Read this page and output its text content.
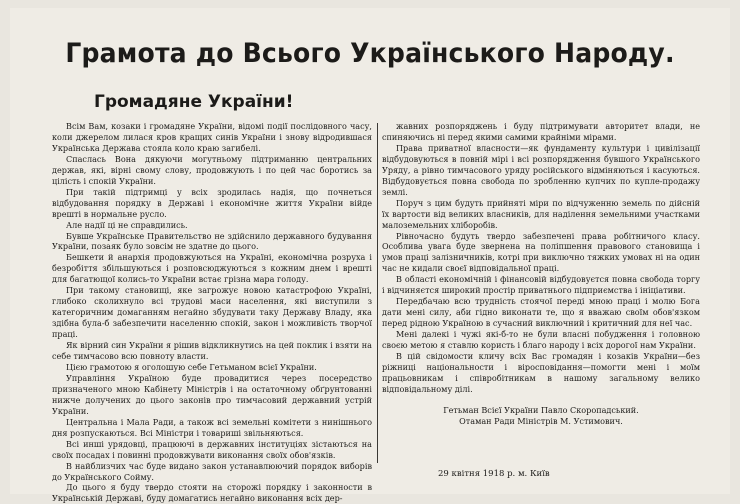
Грамота до Всього Українського Народу.
Громадяне України!

Всім Вам, козаки і громадяне України, відомі події послідовного часу, коли джерелом лилася кров кращих синів України і знову відродившася Українська Держава стояла коло краю загибелі.

Спаслась Вона дякуючи могутньому підтриманню центральних держав, які, вірні свому слову, продовжують і по цей час боротись за цілість і спокій України.

При такій підтримці у всіх зродилась надія, що почнеться відбудовання порядку в Державі і економічне життя України війде врешті в нормальне русло.

Але надії ці не справдились.

Бувше Українське Правительство не здійснило державного будування України, позаяк було зовсім не здатне до цього.

Бешкети й анархія продовжуються на Україні, економічна розруха і безробіття збільшуються і розповсюджуються з кожним днем і врешті для багатющої колись-то України встає грізна мара голоду.

При такому становищі, яке загрожує новою катастрофою Україні, глибоко сколихнуло всі трудові маси населення, які виступили з категоричним домаганням негайно збудувати таку Державу Владу, яка здібна була-б забезпечити населенню спокій, закон і можливість творчої праці.

Як вірний син України я рішив відкликнутись на цей поклик і взяти на себе тимчасово всю повноту власти.

Цією грамотою я оголошую себе Гетьманом всієї України.

Управління Україною буде провадитися через посередство призначеного мною Кабінету Міністрів і на остаточному обґрунтованні нижче долучених до цього законів про тимчасовий державний устрій України.

Центральна і Мала Ради, а також всі земельні комітети з нинішнього дня розпускаються. Всі Міністри і товариші звільняються.

Всі инші урядовці, працюючі в державних інституціях зістаються на своїх посадах і повинні продовжувати виконання своїх обов'язків.

В найблизчих час буде видано закон устанавлюючий порядок виборів до Українського Сойму.

До цього я буду твердо стояти на сторожі порядку і законности в Українській Державі, буду домагатись негайно виконання всіх дер-

жавних розпоряджень і буду підтримувати авторитет влади, не спиняючись ні перед якими самими крайніми мірами.

Права приватної власности—як фундаменту культури і цивілізації відбудовуються в повній мірі і всі розпорядження бувшого Українського Уряду, а рівно тимчасового уряду російського відміняються і касуються. Відбудовується повна свобода по зробленню купчих по купле-продажу землі.

Поруч з цим будуть прийняті міри по відчуженню земель по дійсній їх вартости від великих власників, для наділення земельними участками малоземельних хліборобів.

Рівночасно будуть твердо забезпечені права робітничого класу. Особлива увага буде звернена на поліпшення правового становища і умов праці залізничників, котрі при виключно тяжких умовах ні на один час не кидали своєї відповідальної праці.

В області економічній і фінансовій відбудовуєтся повна свобода торгу і відчиняєтся широкий простір приватнього підприємства і ініціативи.

Передбачаю всю трудність стоячої переді мною праці і молю Бога дати мені силу, аби гідно виконати те, що я вважаю своїм обов'язком перед рідною Україною в сучасний виключний і критичний для неї час.

Мені далекі і чужі які-б-то не були власні побудження і головною своєю метою я ставлю користь і благо народу і всіх дорогої нам України.

В цій свідомости кличу всіх Вас громадян і козаків України—без ріжниці національности і віросповідання—помогти мені і моїм працьовникам і співробітникам в нашому загальному велико відповідальному ділі.

Гетьман Всієї України Павло Скоропадський.

Отаман Ради Міністрів М. Устимович.

29 квітня 1918 р. м. Київ
